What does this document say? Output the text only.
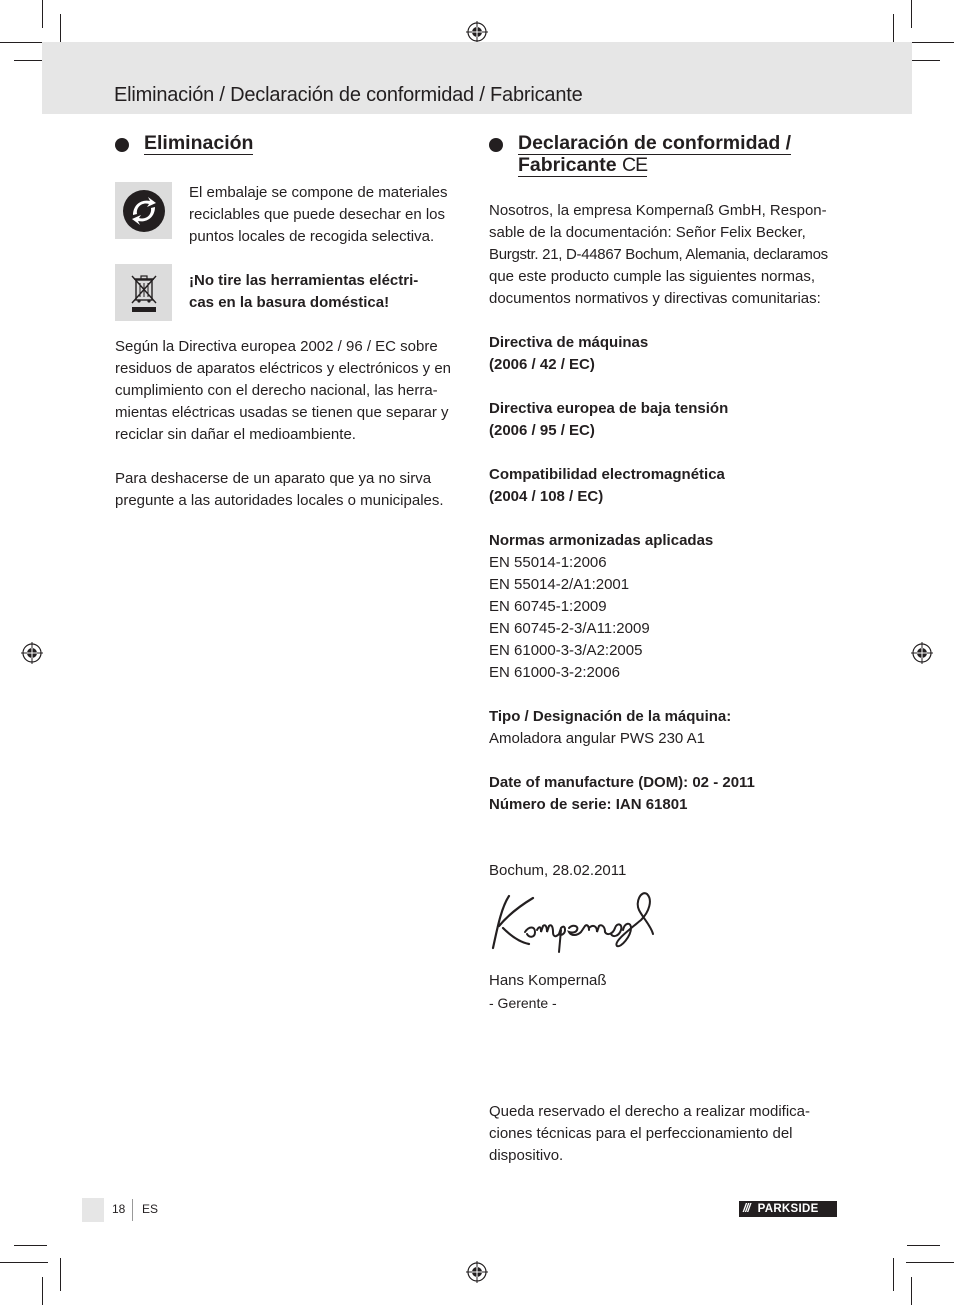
Eliminación / Declaración de conformidad / Fabricante
Eliminación

El embalaje se compone de materiales

reciclables que puede desechar en los

puntos locales de recogida selectiva.

¡No tire las herramientas eléctri-

cas en la basura doméstica!

Según la Directiva europea 2002 / 96 / EC sobre

residuos de aparatos eléctricos y electrónicos y en

cumplimiento con el derecho nacional, las herra-

mientas eléctricas usadas se tienen que separar y

reciclar sin dañar el medioambiente.

Para deshacerse de un aparato que ya no sirva

pregunte a las autoridades locales o municipales.

Declaración de conformidad /
Fabricante CE

Nosotros, la empresa Kompernaß GmbH, Respon-

sable de la documentación: Señor Felix Becker,

Burgstr. 21, D-44867 Bochum, Alemania, declaramos

que este producto cumple las siguientes normas,

documentos normativos y directivas comunitarias:

Directiva de máquinas

(2006 / 42 / EC)

Directiva europea de baja tensión

(2006 / 95 / EC)

Compatibilidad electromagnética

(2004 / 108 / EC)

Normas armonizadas aplicadas

EN 55014-1:2006

EN 55014-2/A1:2001

EN 60745-1:2009

EN 60745-2-3/A11:2009

EN 61000-3-3/A2:2005

EN 61000-3-2:2006

Tipo / Designación de la máquina:

Amoladora angular PWS 230 A1

Date of manufacture (DOM): 02 - 2011

Número de serie: IAN 61801

Bochum, 28.02.2011

Hans Kompernaß

- Gerente -

Queda reservado el derecho a realizar modifica-

ciones técnicas para el perfeccionamiento del

dispositivo.

18 ES	/// PARKSIDE
